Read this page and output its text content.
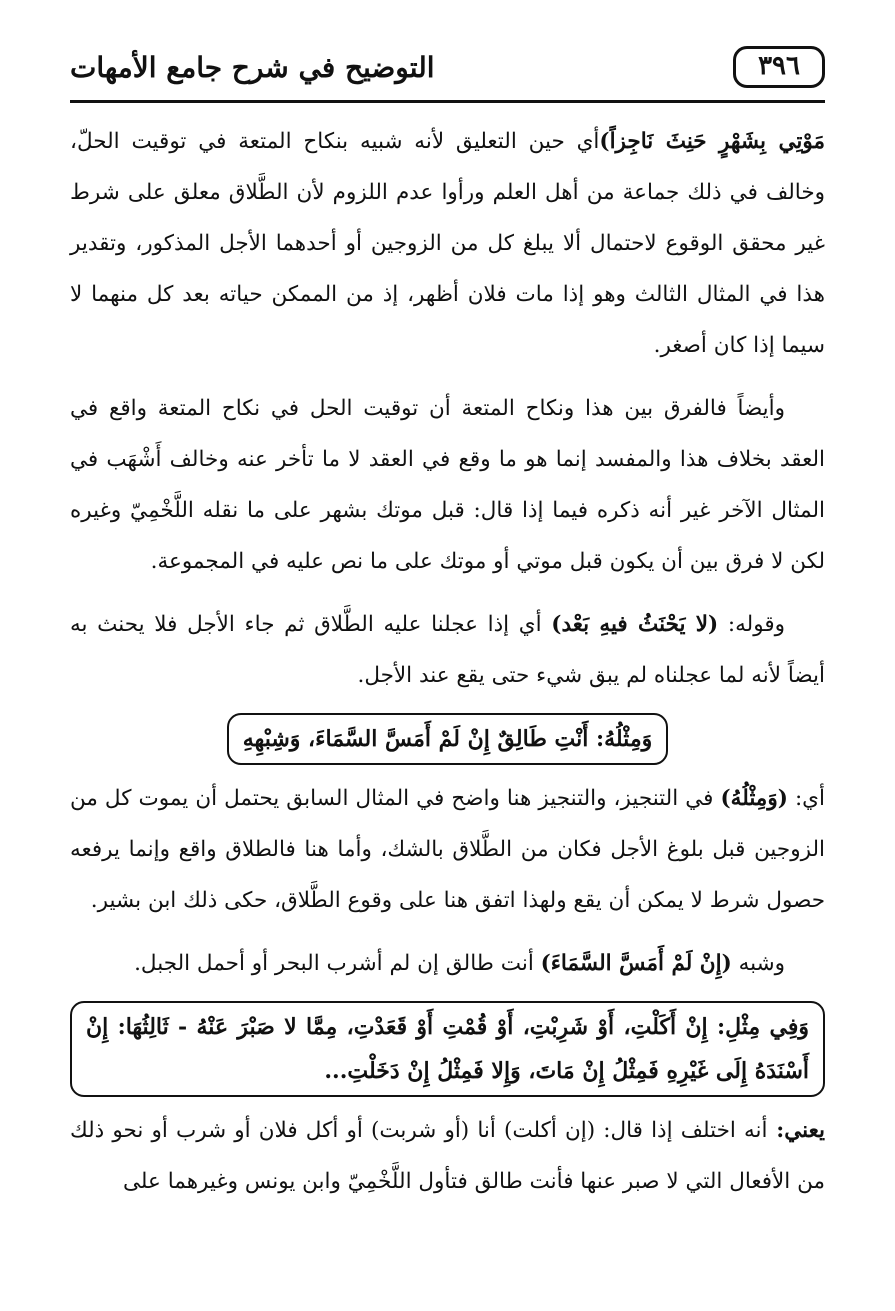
٣٩٦
التوضيح في شرح جامع الأمهات

مَوْتِي بِشَهْرٍ حَنِثَ نَاجِزاً)أي حين التعليق لأنه شبيه بنكاح المتعة في توقيت الحلّ، وخالف في ذلك جماعة من أهل العلم ورأوا عدم اللزوم لأن الطَّلاق معلق على شرط غير محقق الوقوع لاحتمال ألا يبلغ كل من الزوجين أو أحدهما الأجل المذكور، وتقدير هذا في المثال الثالث وهو إذا مات فلان أظهر، إذ من الممكن حياته بعد كل منهما لا سيما إذا كان أصغر.

وأيضاً فالفرق بين هذا ونكاح المتعة أن توقيت الحل في نكاح المتعة واقع في العقد بخلاف هذا والمفسد إنما هو ما وقع في العقد لا ما تأخر عنه وخالف أَشْهَب في المثال الآخر غير أنه ذكره فيما إذا قال: قبل موتك بشهر على ما نقله اللَّخْمِيّ وغيره لكن لا فرق بين أن يكون قبل موتي أو موتك على ما نص عليه في المجموعة.

وقوله: (لا يَحْنَثُ فيهِ بَعْد) أي إذا عجلنا عليه الطَّلاق ثم جاء الأجل فلا يحنث به أيضاً لأنه لما عجلناه لم يبق شيء حتى يقع عند الأجل.

وَمِثْلُهُ: أَنْتِ طَالِقٌ إِنْ لَمْ أَمَسَّ السَّمَاءَ، وَشِبْهِهِ

أي: (وَمِثْلُهُ) في التنجيز، والتنجيز هنا واضح في المثال السابق يحتمل أن يموت كل من الزوجين قبل بلوغ الأجل فكان من الطَّلاق بالشك، وأما هنا فالطلاق واقع وإنما يرفعه حصول شرط لا يمكن أن يقع ولهذا اتفق هنا على وقوع الطَّلاق، حكى ذلك ابن بشير.

وشبه (إِنْ لَمْ أَمَسَّ السَّمَاءَ) أنت طالق إن لم أشرب البحر أو أحمل الجبل.

وَفِي مِثْلِ: إِنْ أَكَلْتِ، أَوْ شَرِبْتِ، أَوْ قُمْتِ أَوْ قَعَدْتِ، مِمَّا لا صَبْرَ عَنْهُ - ثَالِثُهَا: إِنْ أَسْنَدَهُ إِلَى غَيْرِهِ فَمِثْلُ إِنْ مَاتَ، وَإِلا فَمِثْلُ إِنْ دَخَلْتِ...

يعني: أنه اختلف إذا قال: (إن أكلت) أنا (أو شربت) أو أكل فلان أو شرب أو نحو ذلك من الأفعال التي لا صبر عنها فأنت طالق فتأول اللَّخْمِيّ وابن يونس وغيرهما على
